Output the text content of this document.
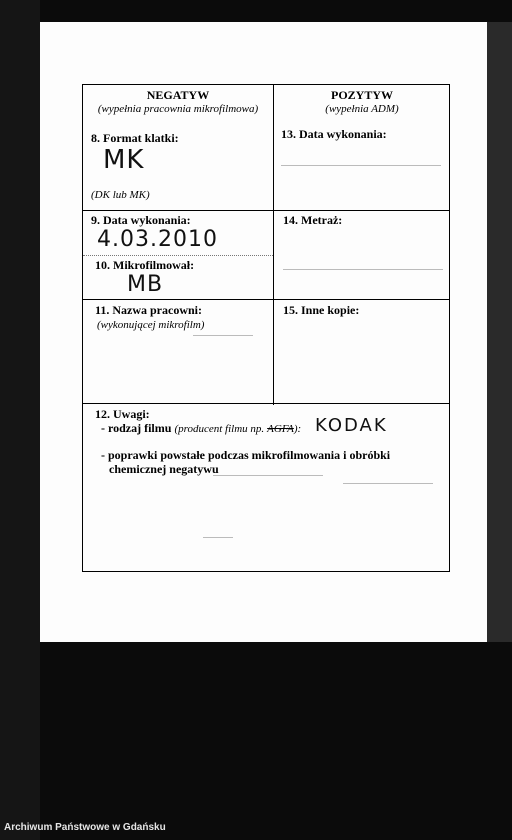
NEGATYW
(wypełnia pracownia mikrofilmowa)
POZYTYW
(wypełnia ADM)
8. Format klatki:
MK
(DK lub MK)
13. Data wykonania:
9. Data wykonania:
4.03.2010
14. Metraż:
10. Mikrofilmował:
MB
11. Nazwa pracowni:
(wykonującej mikrofilm)
15. Inne kopie:
12. Uwagi:
- rodzaj filmu (producent filmu np. AGFA): KODAK
- poprawki powstałe podczas mikrofilmowania i obróbki
chemicznej negatywu
Archiwum Państwowe w Gdańsku
